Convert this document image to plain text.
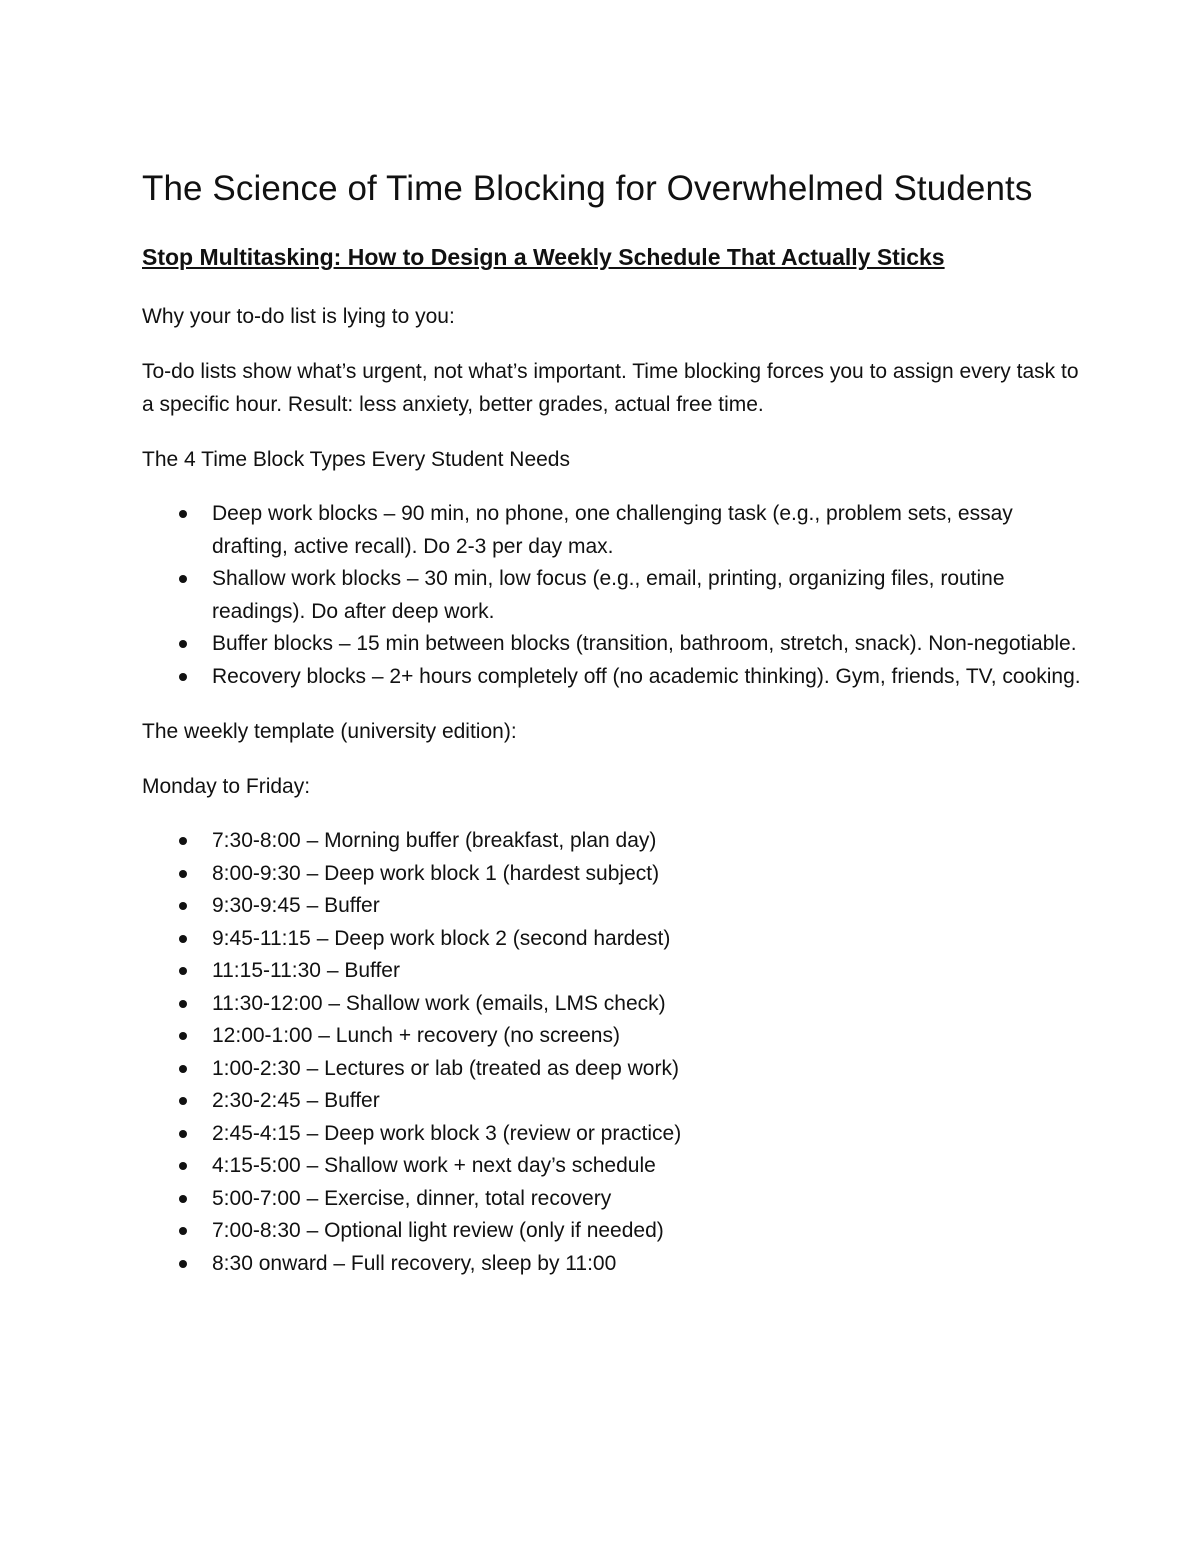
The Science of Time Blocking for Overwhelmed Students
Stop Multitasking: How to Design a Weekly Schedule That Actually Sticks

Why your to-do list is lying to you:

To-do lists show what’s urgent, not what’s important. Time blocking forces you to assign every task to a specific hour. Result: less anxiety, better grades, actual free time.

The 4 Time Block Types Every Student Needs

Deep work blocks – 90 min, no phone, one challenging task (e.g., problem sets, essay drafting, active recall). Do 2-3 per day max.
Shallow work blocks – 30 min, low focus (e.g., email, printing, organizing files, routine readings). Do after deep work.
Buffer blocks – 15 min between blocks (transition, bathroom, stretch, snack). Non-negotiable.
Recovery blocks – 2+ hours completely off (no academic thinking). Gym, friends, TV, cooking.

The weekly template (university edition):

Monday to Friday:

7:30-8:00 – Morning buffer (breakfast, plan day)
8:00-9:30 – Deep work block 1 (hardest subject)
9:30-9:45 – Buffer
9:45-11:15 – Deep work block 2 (second hardest)
11:15-11:30 – Buffer
11:30-12:00 – Shallow work (emails, LMS check)
12:00-1:00 – Lunch + recovery (no screens)
1:00-2:30 – Lectures or lab (treated as deep work)
2:30-2:45 – Buffer
2:45-4:15 – Deep work block 3 (review or practice)
4:15-5:00 – Shallow work + next day’s schedule
5:00-7:00 – Exercise, dinner, total recovery
7:00-8:30 – Optional light review (only if needed)
8:30 onward – Full recovery, sleep by 11:00
